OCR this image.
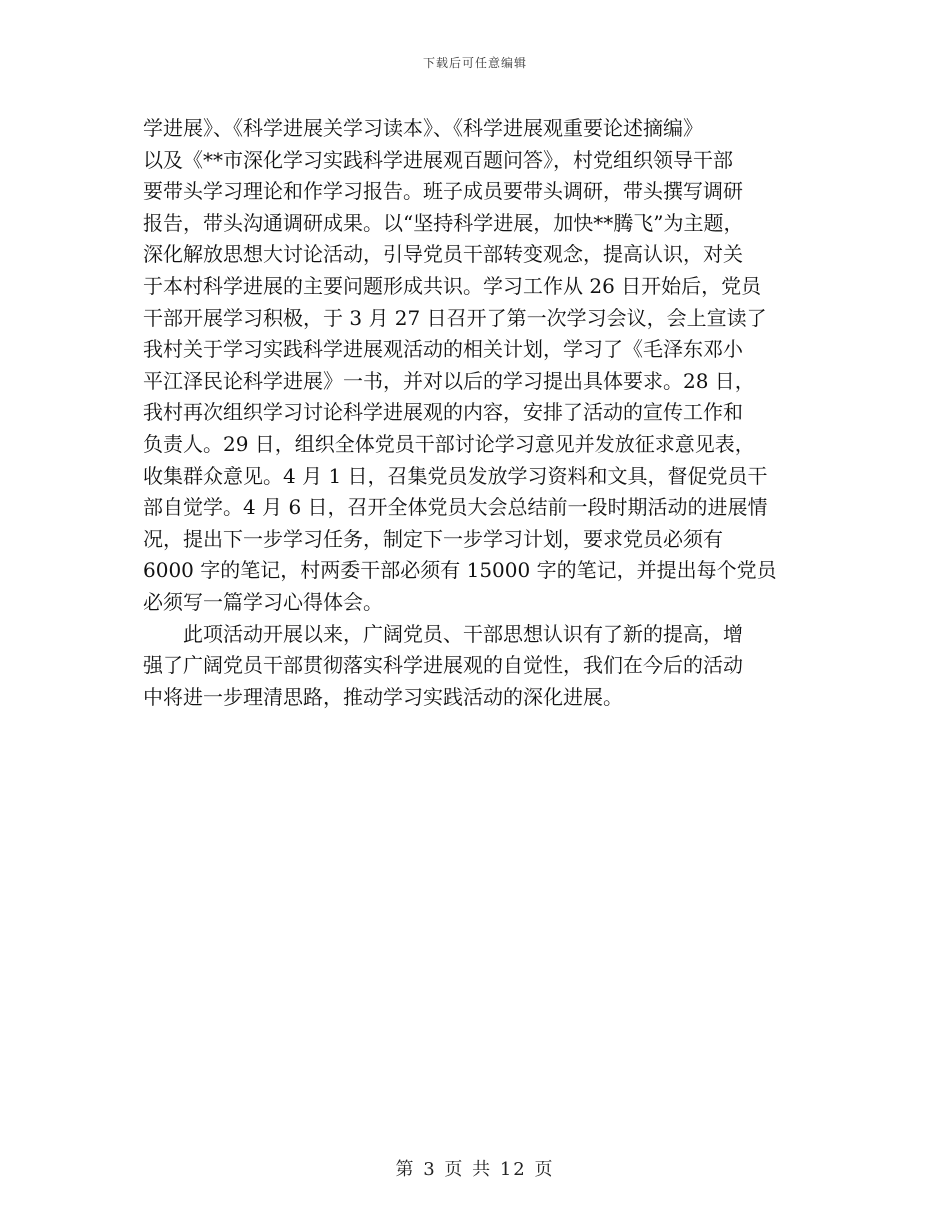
下载后可任意编辑
学进展》、《科学进展关学习读本》、《科学进展观重要论述摘编》
以及《**市深化学习实践科学进展观百题问答》，村党组织领导干部
要带头学习理论和作学习报告。班子成员要带头调研，带头撰写调研
报告，带头沟通调研成果。以“坚持科学进展，加快**腾飞”为主题，
深化解放思想大讨论活动，引导党员干部转变观念，提高认识，对关
于本村科学进展的主要问题形成共识。学习工作从 26 日开始后，党员
干部开展学习积极，于 3 月 27 日召开了第一次学习会议，会上宣读了
我村关于学习实践科学进展观活动的相关计划，学习了《毛泽东邓小
平江泽民论科学进展》一书，并对以后的学习提出具体要求。28 日，
我村再次组织学习讨论科学进展观的内容，安排了活动的宣传工作和
负责人。29 日，组织全体党员干部讨论学习意见并发放征求意见表，
收集群众意见。4 月 1 日，召集党员发放学习资料和文具，督促党员干
部自觉学。4 月 6 日，召开全体党员大会总结前一段时期活动的进展情
况，提出下一步学习任务，制定下一步学习计划，要求党员必须有
6000 字的笔记，村两委干部必须有 15000 字的笔记，并提出每个党员
必须写一篇学习心得体会。
此项活动开展以来，广阔党员、干部思想认识有了新的提高，增
强了广阔党员干部贯彻落实科学进展观的自觉性，我们在今后的活动
中将进一步理清思路，推动学习实践活动的深化进展。
第 3 页 共 12 页
